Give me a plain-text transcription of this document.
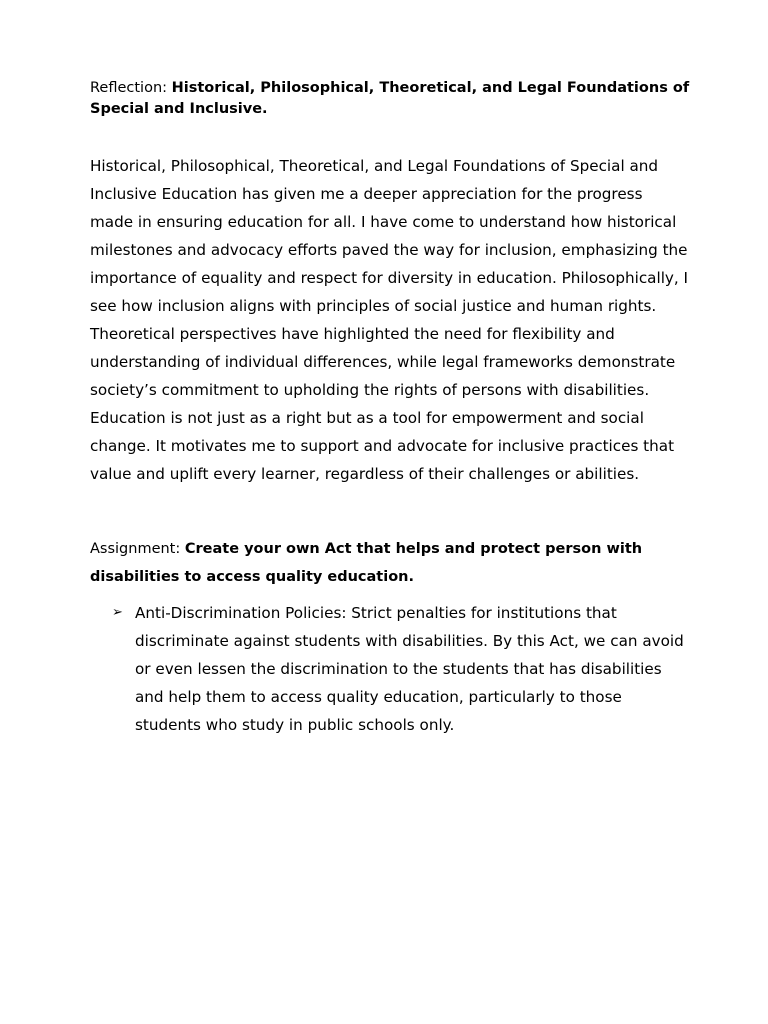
Reflection: Historical, Philosophical, Theoretical, and Legal Foundations of Special and Inclusive.

Historical, Philosophical, Theoretical, and Legal Foundations of Special and Inclusive Education has given me a deeper appreciation for the progress made in ensuring education for all. I have come to understand how historical milestones and advocacy efforts paved the way for inclusion, emphasizing the importance of equality and respect for diversity in education. Philosophically, I see how inclusion aligns with principles of social justice and human rights. Theoretical perspectives have highlighted the need for flexibility and understanding of individual differences, while legal frameworks demonstrate society’s commitment to upholding the rights of persons with disabilities. Education is not just as a right but as a tool for empowerment and social change. It motivates me to support and advocate for inclusive practices that value and uplift every learner, regardless of their challenges or abilities.

Assignment: Create your own Act that helps and protect person with disabilities to access quality education.

➢ Anti-Discrimination Policies: Strict penalties for institutions that discriminate against students with disabilities. By this Act, we can avoid or even lessen the discrimination to the students that has disabilities and help them to access quality education, particularly to those students who study in public schools only.
